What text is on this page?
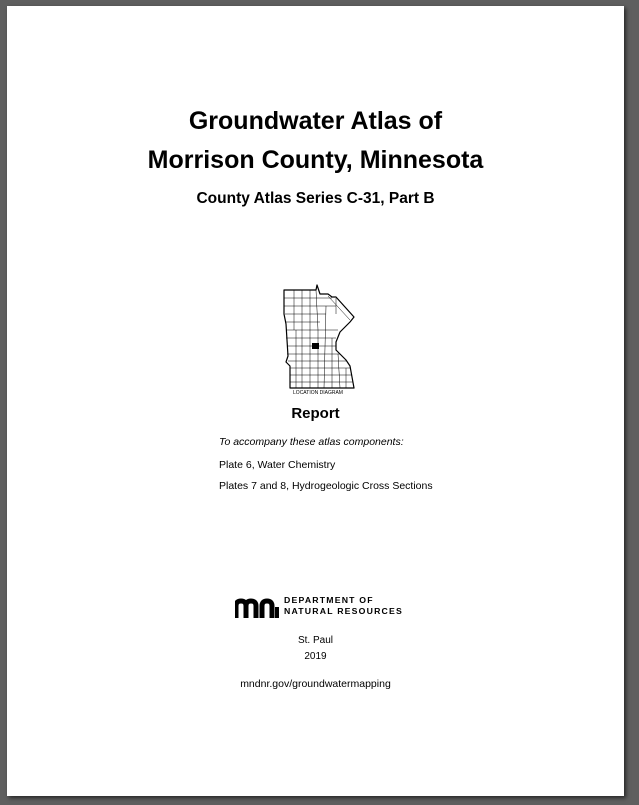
Groundwater Atlas of
Morrison County, Minnesota
County Atlas Series C-31, Part B
LOCATION DIAGRAM
Report
To accompany these atlas components:
Plate 6, Water Chemistry
Plates 7 and 8, Hydrogeologic Cross Sections
DEPARTMENT OF
NATURAL RESOURCES
St. Paul
2019
mndnr.gov/groundwatermapping
